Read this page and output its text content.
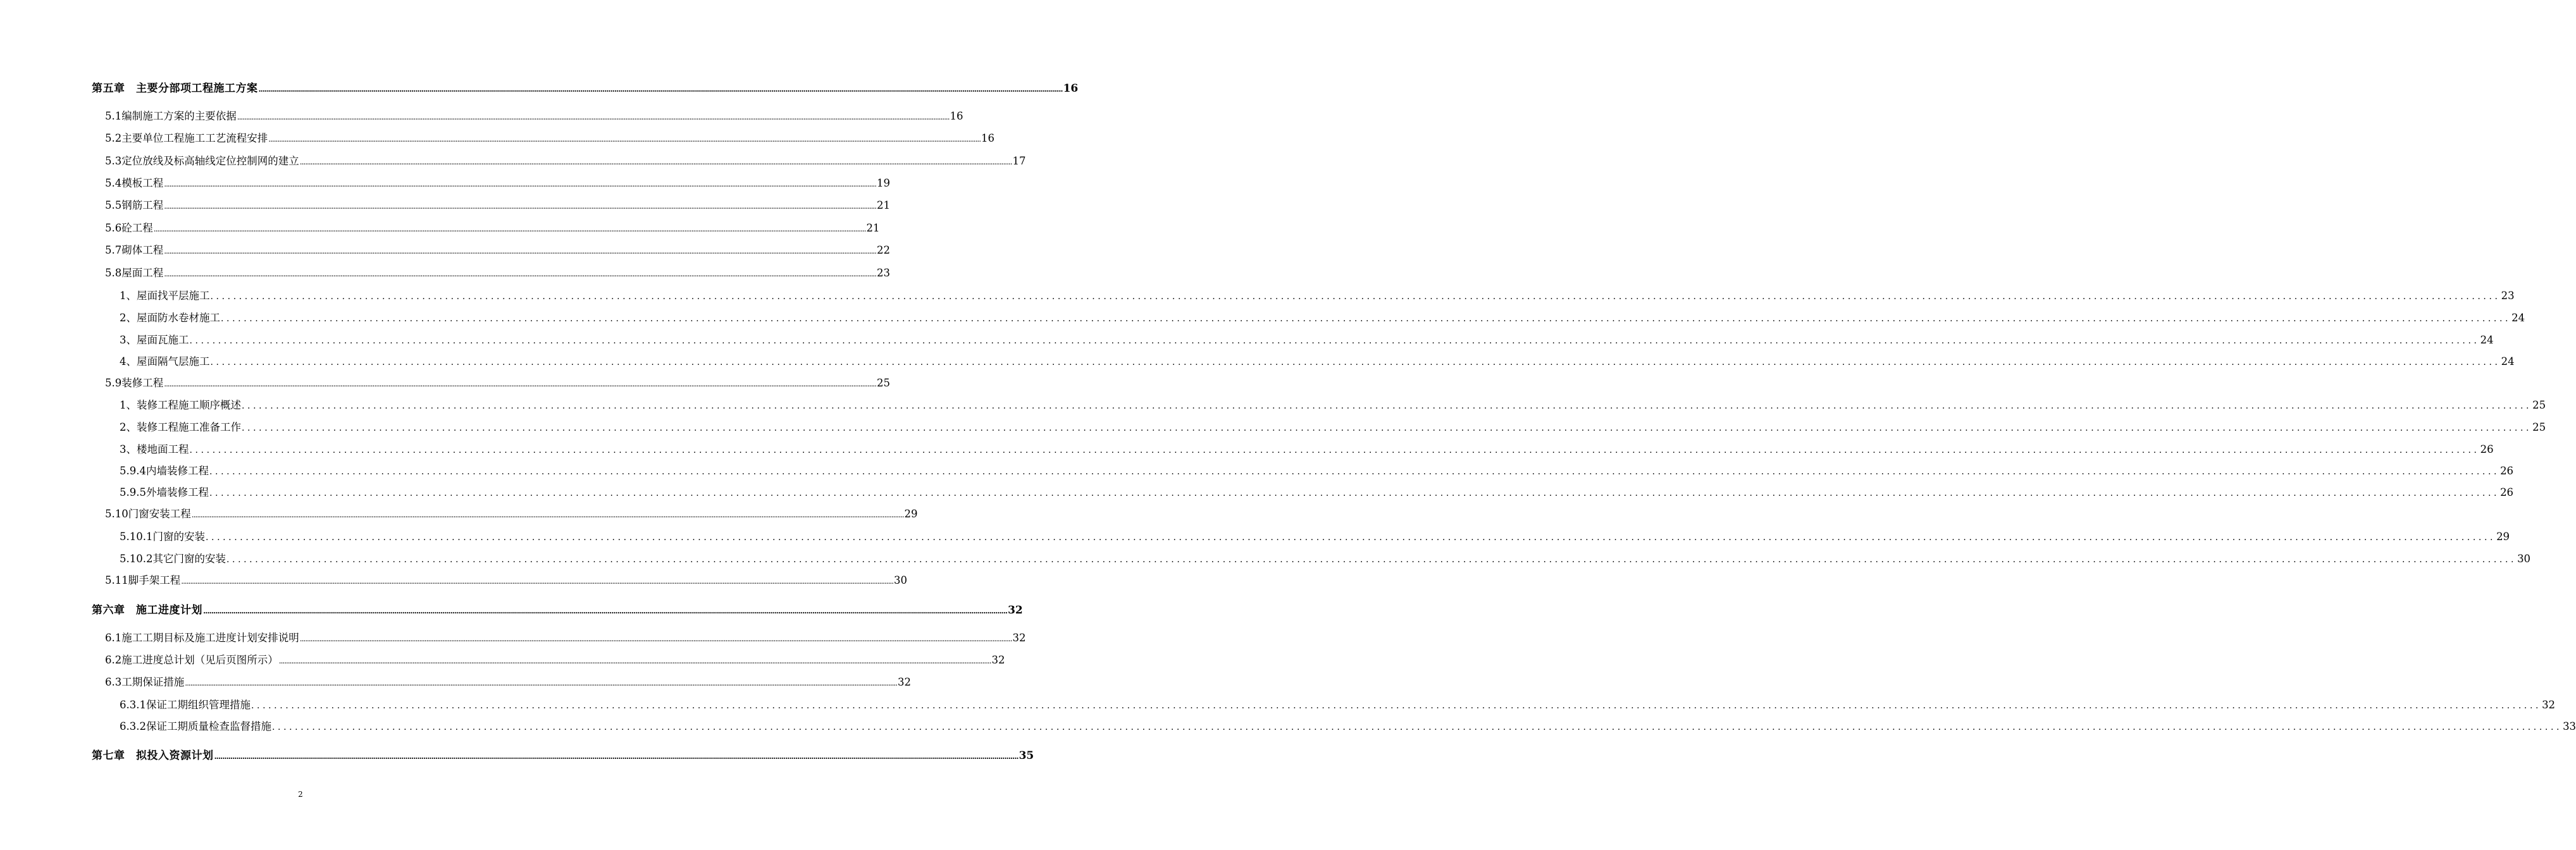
第五章　主要分部项工程施工方案 ................................................................................................................................................................................................................................................................................................................................................................................................................ 16
5.1编制施工方案的主要依据 ................................................................................................................................................................................................................................................................................................................................................................................................................ 16
5.2主要单位工程施工工艺流程安排 ................................................................................................................................................................................................................................................................................................................................................................................................................ 16
5.3定位放线及标高轴线定位控制网的建立 ................................................................................................................................................................................................................................................................................................................................................................................................................ 17
5.4模板工程 ................................................................................................................................................................................................................................................................................................................................................................................................................ 19
5.5钢筋工程 ................................................................................................................................................................................................................................................................................................................................................................................................................ 21
5.6砼工程 ................................................................................................................................................................................................................................................................................................................................................................................................................ 21
5.7砌体工程 ................................................................................................................................................................................................................................................................................................................................................................................................................ 22
5.8屋面工程 ................................................................................................................................................................................................................................................................................................................................................................................................................ 23
1、屋面找平层施工 ................................................................................................................................................................................................................................................................................................................................................................................................................ 23
2、屋面防水卷材施工 ................................................................................................................................................................................................................................................................................................................................................................................................................ 24
3、屋面瓦施工 ................................................................................................................................................................................................................................................................................................................................................................................................................ 24
4、屋面隔气层施工 ................................................................................................................................................................................................................................................................................................................................................................................................................ 24
5.9装修工程 ................................................................................................................................................................................................................................................................................................................................................................................................................ 25
1、装修工程施工顺序概述 ................................................................................................................................................................................................................................................................................................................................................................................................................ 25
2、装修工程施工准备工作 ................................................................................................................................................................................................................................................................................................................................................................................................................ 25
3、楼地面工程 ................................................................................................................................................................................................................................................................................................................................................................................................................ 26
5.9.4内墙装修工程 ................................................................................................................................................................................................................................................................................................................................................................................................................ 26
5.9.5外墙装修工程 ................................................................................................................................................................................................................................................................................................................................................................................................................ 26
5.10门窗安装工程 ................................................................................................................................................................................................................................................................................................................................................................................................................ 29
5.10.1门窗的安装 ................................................................................................................................................................................................................................................................................................................................................................................................................ 29
5.10.2其它门窗的安装 ................................................................................................................................................................................................................................................................................................................................................................................................................ 30
5.11脚手架工程 ................................................................................................................................................................................................................................................................................................................................................................................................................ 30
第六章　施工进度计划 ................................................................................................................................................................................................................................................................................................................................................................................................................ 32
6.1施工工期目标及施工进度计划安排说明 ................................................................................................................................................................................................................................................................................................................................................................................................................ 32
6.2施工进度总计划（见后页图所示） ................................................................................................................................................................................................................................................................................................................................................................................................................ 32
6.3工期保证措施 ................................................................................................................................................................................................................................................................................................................................................................................................................ 32
6.3.1保证工期组织管理措施 ................................................................................................................................................................................................................................................................................................................................................................................................................ 32
6.3.2保证工期质量检查监督措施 ................................................................................................................................................................................................................................................................................................................................................................................................................ 33
第七章　拟投入资源计划 ................................................................................................................................................................................................................................................................................................................................................................................................................ 35
2
